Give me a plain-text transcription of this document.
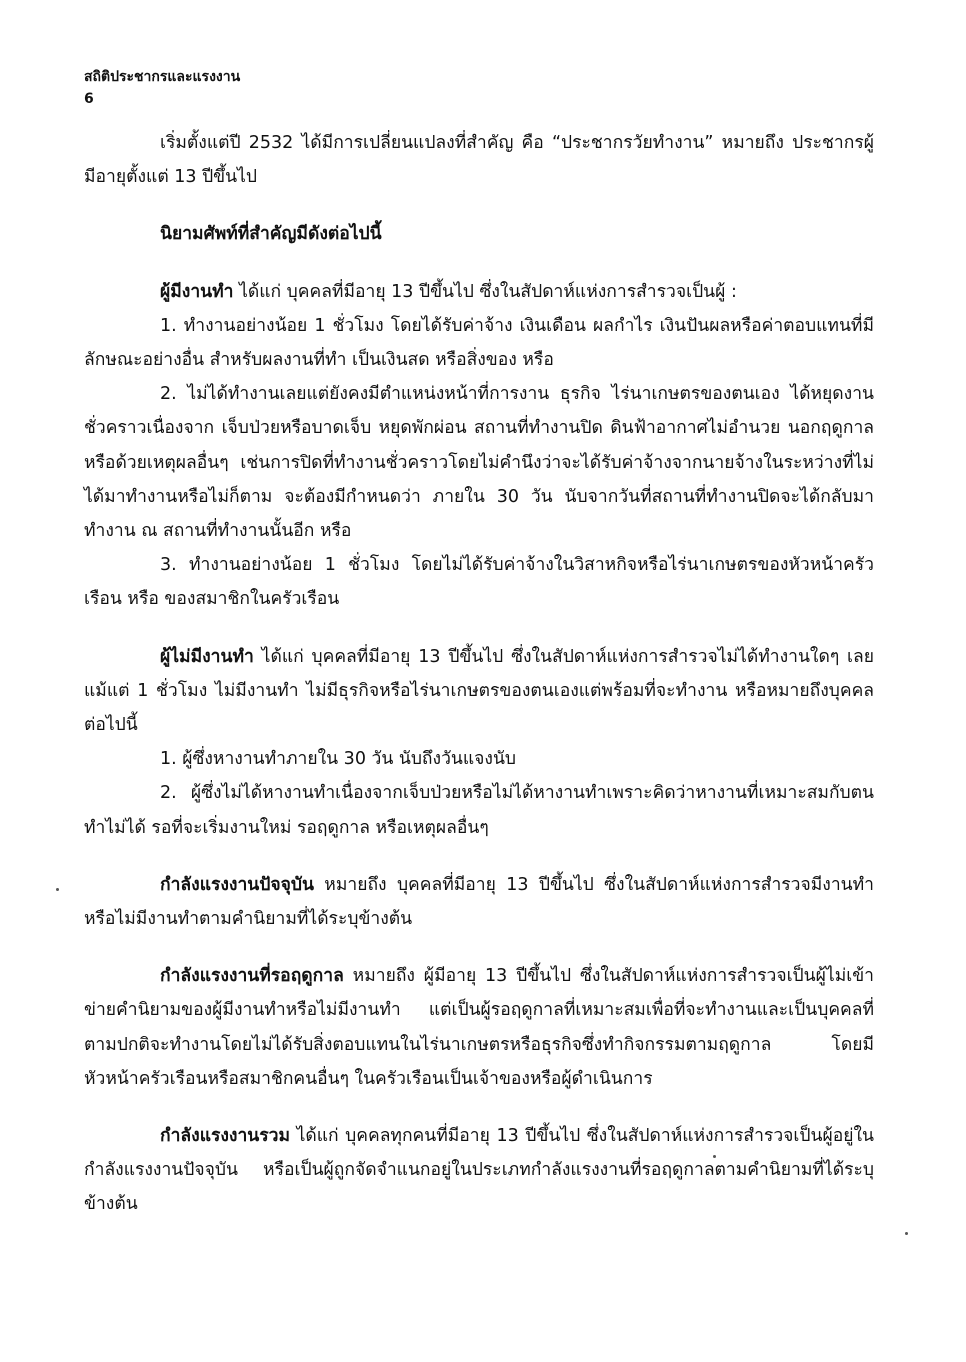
สถิติประชากรและแรงงาน
6

เริ่มตั้งแต่ปี 2532 ได้มีการเปลี่ยนแปลงที่สำคัญ คือ “ประชากรวัยทำงาน” หมายถึง ประชากรผู้มีอายุตั้งแต่ 13 ปีขึ้นไป

นิยามศัพท์ที่สำคัญมีดังต่อไปนี้

ผู้มีงานทำ ได้แก่ บุคคลที่มีอายุ 13 ปีขึ้นไป ซึ่งในสัปดาห์แห่งการสำรวจเป็นผู้ :

1. ทำงานอย่างน้อย 1 ชั่วโมง โดยได้รับค่าจ้าง เงินเดือน ผลกำไร เงินปันผลหรือค่าตอบแทนที่มีลักษณะอย่างอื่น สำหรับผลงานที่ทำ เป็นเงินสด หรือสิ่งของ หรือ

2. ไม่ได้ทำงานเลยแต่ยังคงมีตำแหน่งหน้าที่การงาน ธุรกิจ ไร่นาเกษตรของตนเอง ได้หยุดงานชั่วคราวเนื่องจาก เจ็บป่วยหรือบาดเจ็บ หยุดพักผ่อน สถานที่ทำงานปิด ดินฟ้าอากาศไม่อำนวย นอกฤดูกาล หรือด้วยเหตุผลอื่นๆ เช่นการปิดที่ทำงานชั่วคราวโดยไม่คำนึงว่าจะได้รับค่าจ้างจากนายจ้างในระหว่างที่ไม่ได้มาทำงานหรือไม่ก็ตาม จะต้องมีกำหนดว่า ภายใน 30 วัน นับจากวันที่สถานที่ทำงานปิดจะได้กลับมาทำงาน ณ สถานที่ทำงานนั้นอีก หรือ

3. ทำงานอย่างน้อย 1 ชั่วโมง โดยไม่ได้รับค่าจ้างในวิสาหกิจหรือไร่นาเกษตรของหัวหน้าครัวเรือน หรือ ของสมาชิกในครัวเรือน

ผู้ไม่มีงานทำ ได้แก่ บุคคลที่มีอายุ 13 ปีขึ้นไป ซึ่งในสัปดาห์แห่งการสำรวจไม่ได้ทำงานใดๆ เลยแม้แต่ 1 ชั่วโมง ไม่มีงานทำ ไม่มีธุรกิจหรือไร่นาเกษตรของตนเองแต่พร้อมที่จะทำงาน หรือหมายถึงบุคคลต่อไปนี้

1. ผู้ซึ่งหางานทำภายใน 30 วัน นับถึงวันแจงนับ

2. ผู้ซึ่งไม่ได้หางานทำเนื่องจากเจ็บป่วยหรือไม่ได้หางานทำเพราะคิดว่าหางานที่เหมาะสมกับตนทำไม่ได้ รอที่จะเริ่มงานใหม่ รอฤดูกาล หรือเหตุผลอื่นๆ

กำลังแรงงานปัจจุบัน หมายถึง บุคคลที่มีอายุ 13 ปีขึ้นไป ซึ่งในสัปดาห์แห่งการสำรวจมีงานทำ หรือไม่มีงานทำตามคำนิยามที่ได้ระบุข้างต้น

กำลังแรงงานที่รอฤดูกาล หมายถึง ผู้มีอายุ 13 ปีขึ้นไป ซึ่งในสัปดาห์แห่งการสำรวจเป็นผู้ไม่เข้าข่ายคำนิยามของผู้มีงานทำหรือไม่มีงานทำ แต่เป็นผู้รอฤดูกาลที่เหมาะสมเพื่อที่จะทำงานและเป็นบุคคลที่ตามปกติจะทำงานโดยไม่ได้รับสิ่งตอบแทนในไร่นาเกษตรหรือธุรกิจซึ่งทำกิจกรรมตามฤดูกาล โดยมีหัวหน้าครัวเรือนหรือสมาชิกคนอื่นๆ ในครัวเรือนเป็นเจ้าของหรือผู้ดำเนินการ

กำลังแรงงานรวม ได้แก่ บุคคลทุกคนที่มีอายุ 13 ปีขึ้นไป ซึ่งในสัปดาห์แห่งการสำรวจเป็นผู้อยู่ในกำลังแรงงานปัจจุบัน หรือเป็นผู้ถูกจัดจำแนกอยู่ในประเภทกำลังแรงงานที่รอฤดูกาลตามคำนิยามที่ได้ระบุข้างต้น
